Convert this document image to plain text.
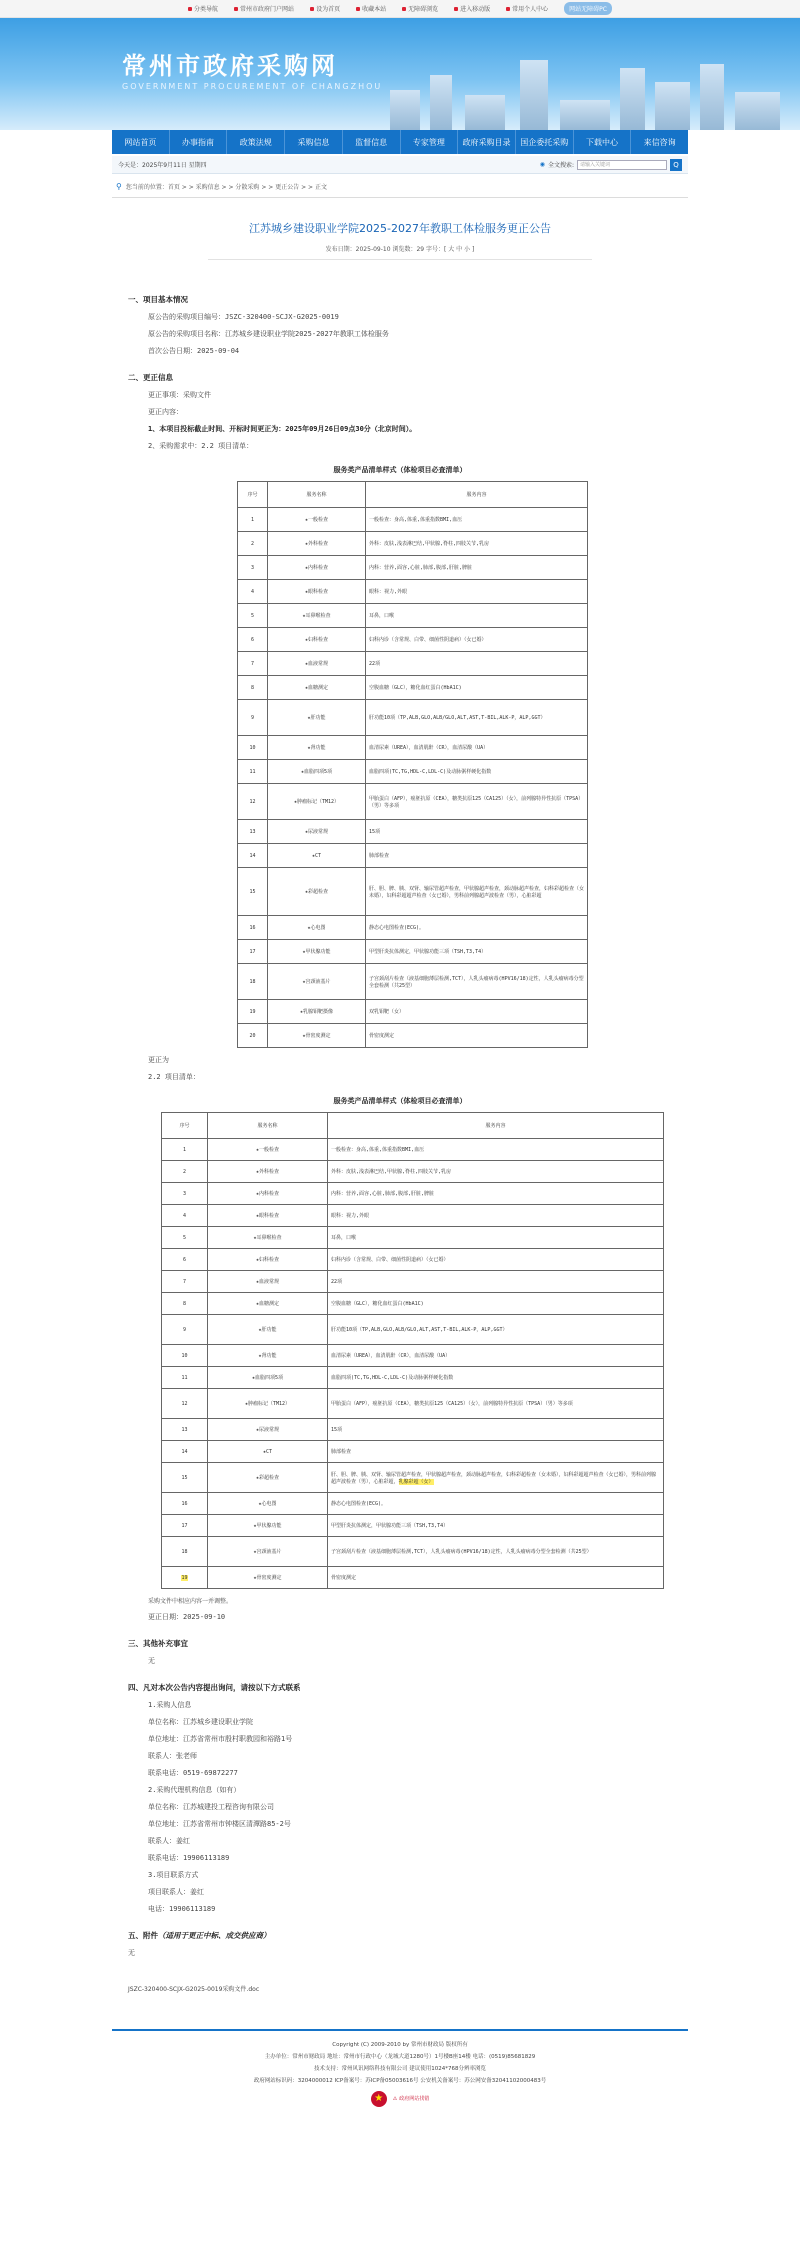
分类导航	常州市政府门户网站	设为首页	收藏本站	无障碍浏览	进入移动版	常用个人中心	网站无障碍PC
常州市政府采购网
GOVERNMENT PROCUREMENT OF CHANGZHOU
网站首页	办事指南	政策法规	采购信息	监督信息	专家管理	政府采购目录	国企委托采购	下载中心	来信咨询
今天是：2025年9月11日 星期四	◉ 全文搜索:	请输入关键词	Q
⚲ 您当前的位置：首页 > > 采购信息 > > 分散采购 > > 更正公告 > > 正文
江苏城乡建设职业学院2025-2027年教职工体检服务更正公告
发布日期：2025-09-10 浏览数：29 字号：[ 大 中 小 ]
一、项目基本情况
原公告的采购项目编号：JSZC-320400-SCJX-G2025-0019
原公告的采购项目名称：江苏城乡建设职业学院2025-2027年教职工体检服务
首次公告日期：2025-09-04
二、更正信息
更正事项：采购文件
更正内容：
1、本项目投标截止时间、开标时间更正为：2025年09月26日09点30分（北京时间）。
2、采购需求中：2.2 项目清单：
服务类产品清单样式（体检项目必查清单）
序号	服务名称	服务内容
1	★一般检查	一般检查：身高,体重,体重指数BMI,血压
2	★外科检查	外科：皮肤,浅表淋巴结,甲状腺,脊柱,四肢关节,乳房
3	★内科检查	内科：营养,面容,心脏,肺部,腹部,肝脏,脾脏
4	★眼科检查	眼科：视力,外眼
5	★耳鼻喉检查	耳鼻，口喉
6	★妇科检查	妇科内诊（含常规、白带、细菌性阴道病）（女已婚）
7	★血液常规	22项
8	★血糖测定	空腹血糖（GLC），糖化血红蛋白(HbA1C)
9	★肝功能	肝功能10项（TP,ALB,GLO,ALB/GLO,ALT,AST,T-BIL,ALK-P，ALP,GGT）
10	★肾功能	血清尿素（UREA），血清肌酐（CR），血清尿酸（UA）
11	★血脂四项5项	血脂四项(TC,TG,HDL-C,LDL-C)及动脉粥样硬化指数
12	★肿瘤标记（TM12）	甲胎蛋白（AFP），癌胚抗原（CEA），糖类抗原125（CA125）（女），前列腺特异性抗原（TPSA）（男）等多项
13	★尿液常规	15项
14	★CT	肺部检查
15	★彩超检查	肝、胆、脾、胰、双肾、输尿管超声检查，甲状腺超声检查，颈动脉超声检查，妇科彩超检查（女未婚），妇科彩超超声检查（女已婚），男科前列腺超声波检查（男），心脏彩超
16	★心电图	静态心电图检查(ECG)。
17	★甲状腺功能	甲型肝炎抗体测定，甲状腺功能三项（TSH,T3,T4）
18	★宫颈液基片	子宫颈刮片检查（液基细胞薄层检测,TCT），人乳头瘤病毒(HPV16/18)定性，人乳头瘤病毒分型全套检测（共25型）
19	★乳腺钼靶摄像	双乳钼靶（女）
20	★骨密度测定	骨密度测定
更正为
2.2 项目清单：
服务类产品清单样式（体检项目必查清单）
序号	服务名称	服务内容
1	★一般检查	一般检查：身高,体重,体重指数BMI,血压
2	★外科检查	外科：皮肤,浅表淋巴结,甲状腺,脊柱,四肢关节,乳房
3	★内科检查	内科：营养,面容,心脏,肺部,腹部,肝脏,脾脏
4	★眼科检查	眼科：视力,外眼
5	★耳鼻喉检查	耳鼻，口喉
6	★妇科检查	妇科内诊（含常规、白带、细菌性阴道病）（女已婚）
7	★血液常规	22项
8	★血糖测定	空腹血糖（GLC），糖化血红蛋白(HbA1C)
9	★肝功能	肝功能10项（TP,ALB,GLO,ALB/GLO,ALT,AST,T-BIL,ALK-P，ALP,GGT）
10	★肾功能	血清尿素（UREA），血清肌酐（CR），血清尿酸（UA）
11	★血脂四项5项	血脂四项(TC,TG,HDL-C,LDL-C)及动脉粥样硬化指数
12	★肿瘤标记（TM12）	甲胎蛋白（AFP），癌胚抗原（CEA），糖类抗原125（CA125）（女），前列腺特异性抗原（TPSA）（男）等多项
13	★尿液常规	15项
14	★CT	肺部检查
15	★彩超检查	肝、胆、脾、胰、双肾、输尿管超声检查，甲状腺超声检查，颈动脉超声检查，妇科彩超检查（女未婚），妇科彩超超声检查（女已婚），男科前列腺超声波检查（男），心脏彩超，乳腺彩超（女）
16	★心电图	静态心电图检查(ECG)。
17	★甲状腺功能	甲型肝炎抗体测定，甲状腺功能三项（TSH,T3,T4）
18	★宫颈液基片	子宫颈刮片检查（液基细胞薄层检测,TCT），人乳头瘤病毒(HPV16/18)定性，人乳头瘤病毒分型全套检测（共25型）
19	★骨密度测定	骨密度测定
采购文件中相应内容一并调整。
更正日期：2025-09-10
三、其他补充事宜
无
四、凡对本次公告内容提出询问，请按以下方式联系
1.采购人信息
单位名称：江苏城乡建设职业学院
单位地址：江苏省常州市殷村职教园和裕路1号
联系人：张老师
联系电话：0519-69872277
2.采购代理机构信息（如有）
单位名称：江苏城建投工程咨询有限公司
单位地址：江苏省常州市钟楼区清潭路85-2号
联系人：姜红
联系电话：19906113189
3.项目联系方式
项目联系人：姜红
电话：19906113189
五、附件（适用于更正中标、成交供应商）
无
JSZC-320400-SCJX-G2025-0019采购文件.doc
Copyright (C) 2009-2010 by 常州市财政局 版权所有
主办单位：常州市财政局 地址：常州市行政中心（龙城大道1280号）1号楼B座14楼 电话：(0519)85681829
技术支持：常州风讯网络科技有限公司 建议使用1024*768分辨率浏览
政府网站标识码：3204000012 ICP备案号：苏ICP备05003616号 公安机关备案号：苏公网安备32041102000483号
★	⚠ 政府网站找错
